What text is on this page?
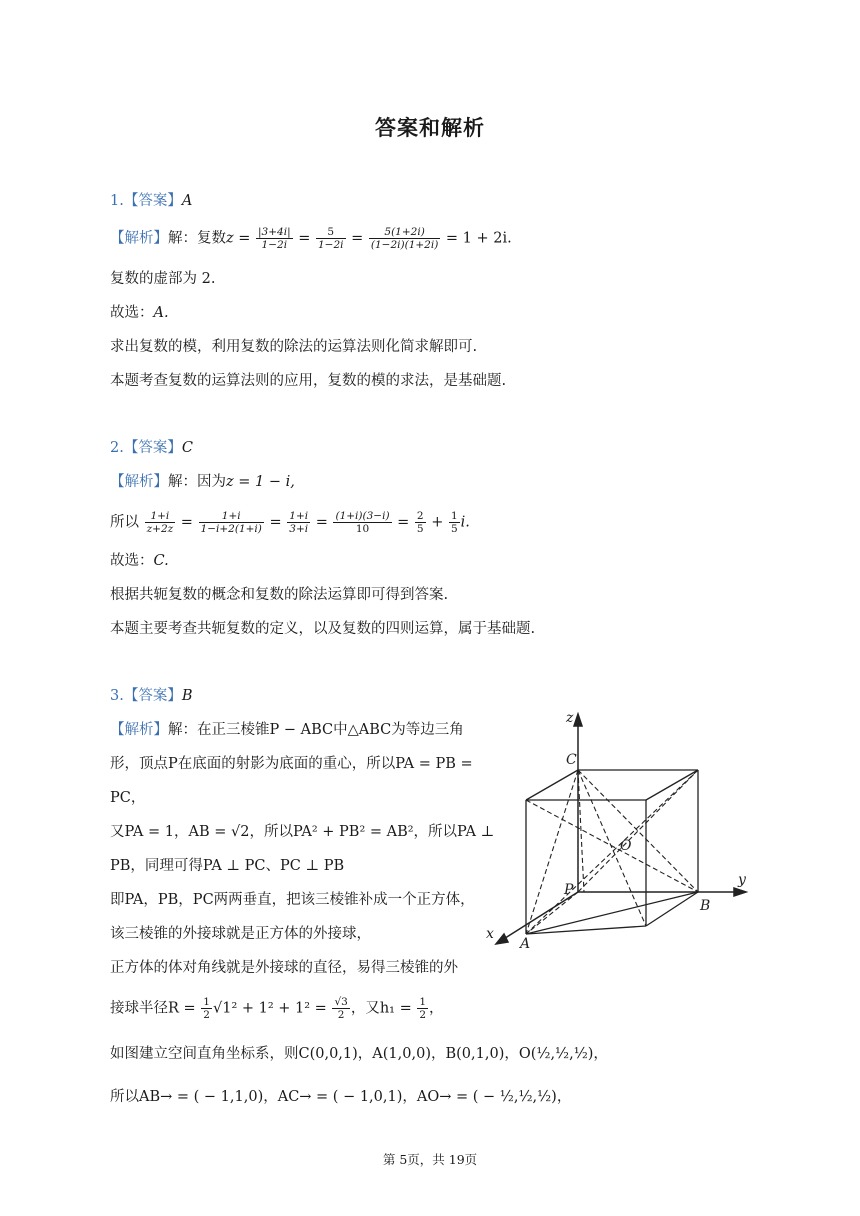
答案和解析
1.【答案】A
【解析】解：复数$z = \frac{|3+4i|}{1-2i} = \frac{5}{1-2i} = \frac{5(1+2i)}{(1-2i)(1+2i)} = 1 + 2i$.
复数的虚部为 2.
故选：A.
求出复数的模，利用复数的除法的运算法则化简求解即可.
本题考查复数的运算法则的应用，复数的模的求法，是基础题.
2.【答案】C
【解析】解：因为z = 1 − i,
所以 $\frac{1+i}{z+2z} = \frac{1+i}{1-i+2(1+i)} = \frac{1+i}{3+i} = \frac{(1+i)(3-i)}{10} = \frac{2}{5} + \frac{1}{5} i$.
故选：C.
根据共轭复数的概念和复数的除法运算即可得到答案.
本题主要考查共轭复数的定义，以及复数的四则运算，属于基础题.
3.【答案】B
【解析】解：在正三棱锥P − ABC中△ABC为等边三角
形，顶点P在底面的射影为底面的重心，所以PA = PB =
PC，
又PA = 1，AB = √2，所以PA² + PB² = AB²，所以PA ⊥
PB，同理可得PA ⊥ PC、PC ⊥ PB
即PA，PB，PC两两垂直，把该三棱锥补成一个正方体，
该三棱锥的外接球就是正方体的外接球，
正方体的体对角线就是外接球的直径，易得三棱锥的外
接球半径$R = \frac{1}{2} √1^2 + 1^2 + 1^2 = \frac{√3}{2}$ ，又$h_1 = \frac{1}{2}$ ，
如图建立空间直角坐标系，则C(0,0,1)，A(1,0,0)，B(0,1,0)，O(½,½,½)，
所以AB→ = ( − 1,1,0)，AC→ = ( − 1,0,1)，AO→ = ( − ½,½,½)，
z
y
x
C
O
P
A
B
第 5页，共 19页
